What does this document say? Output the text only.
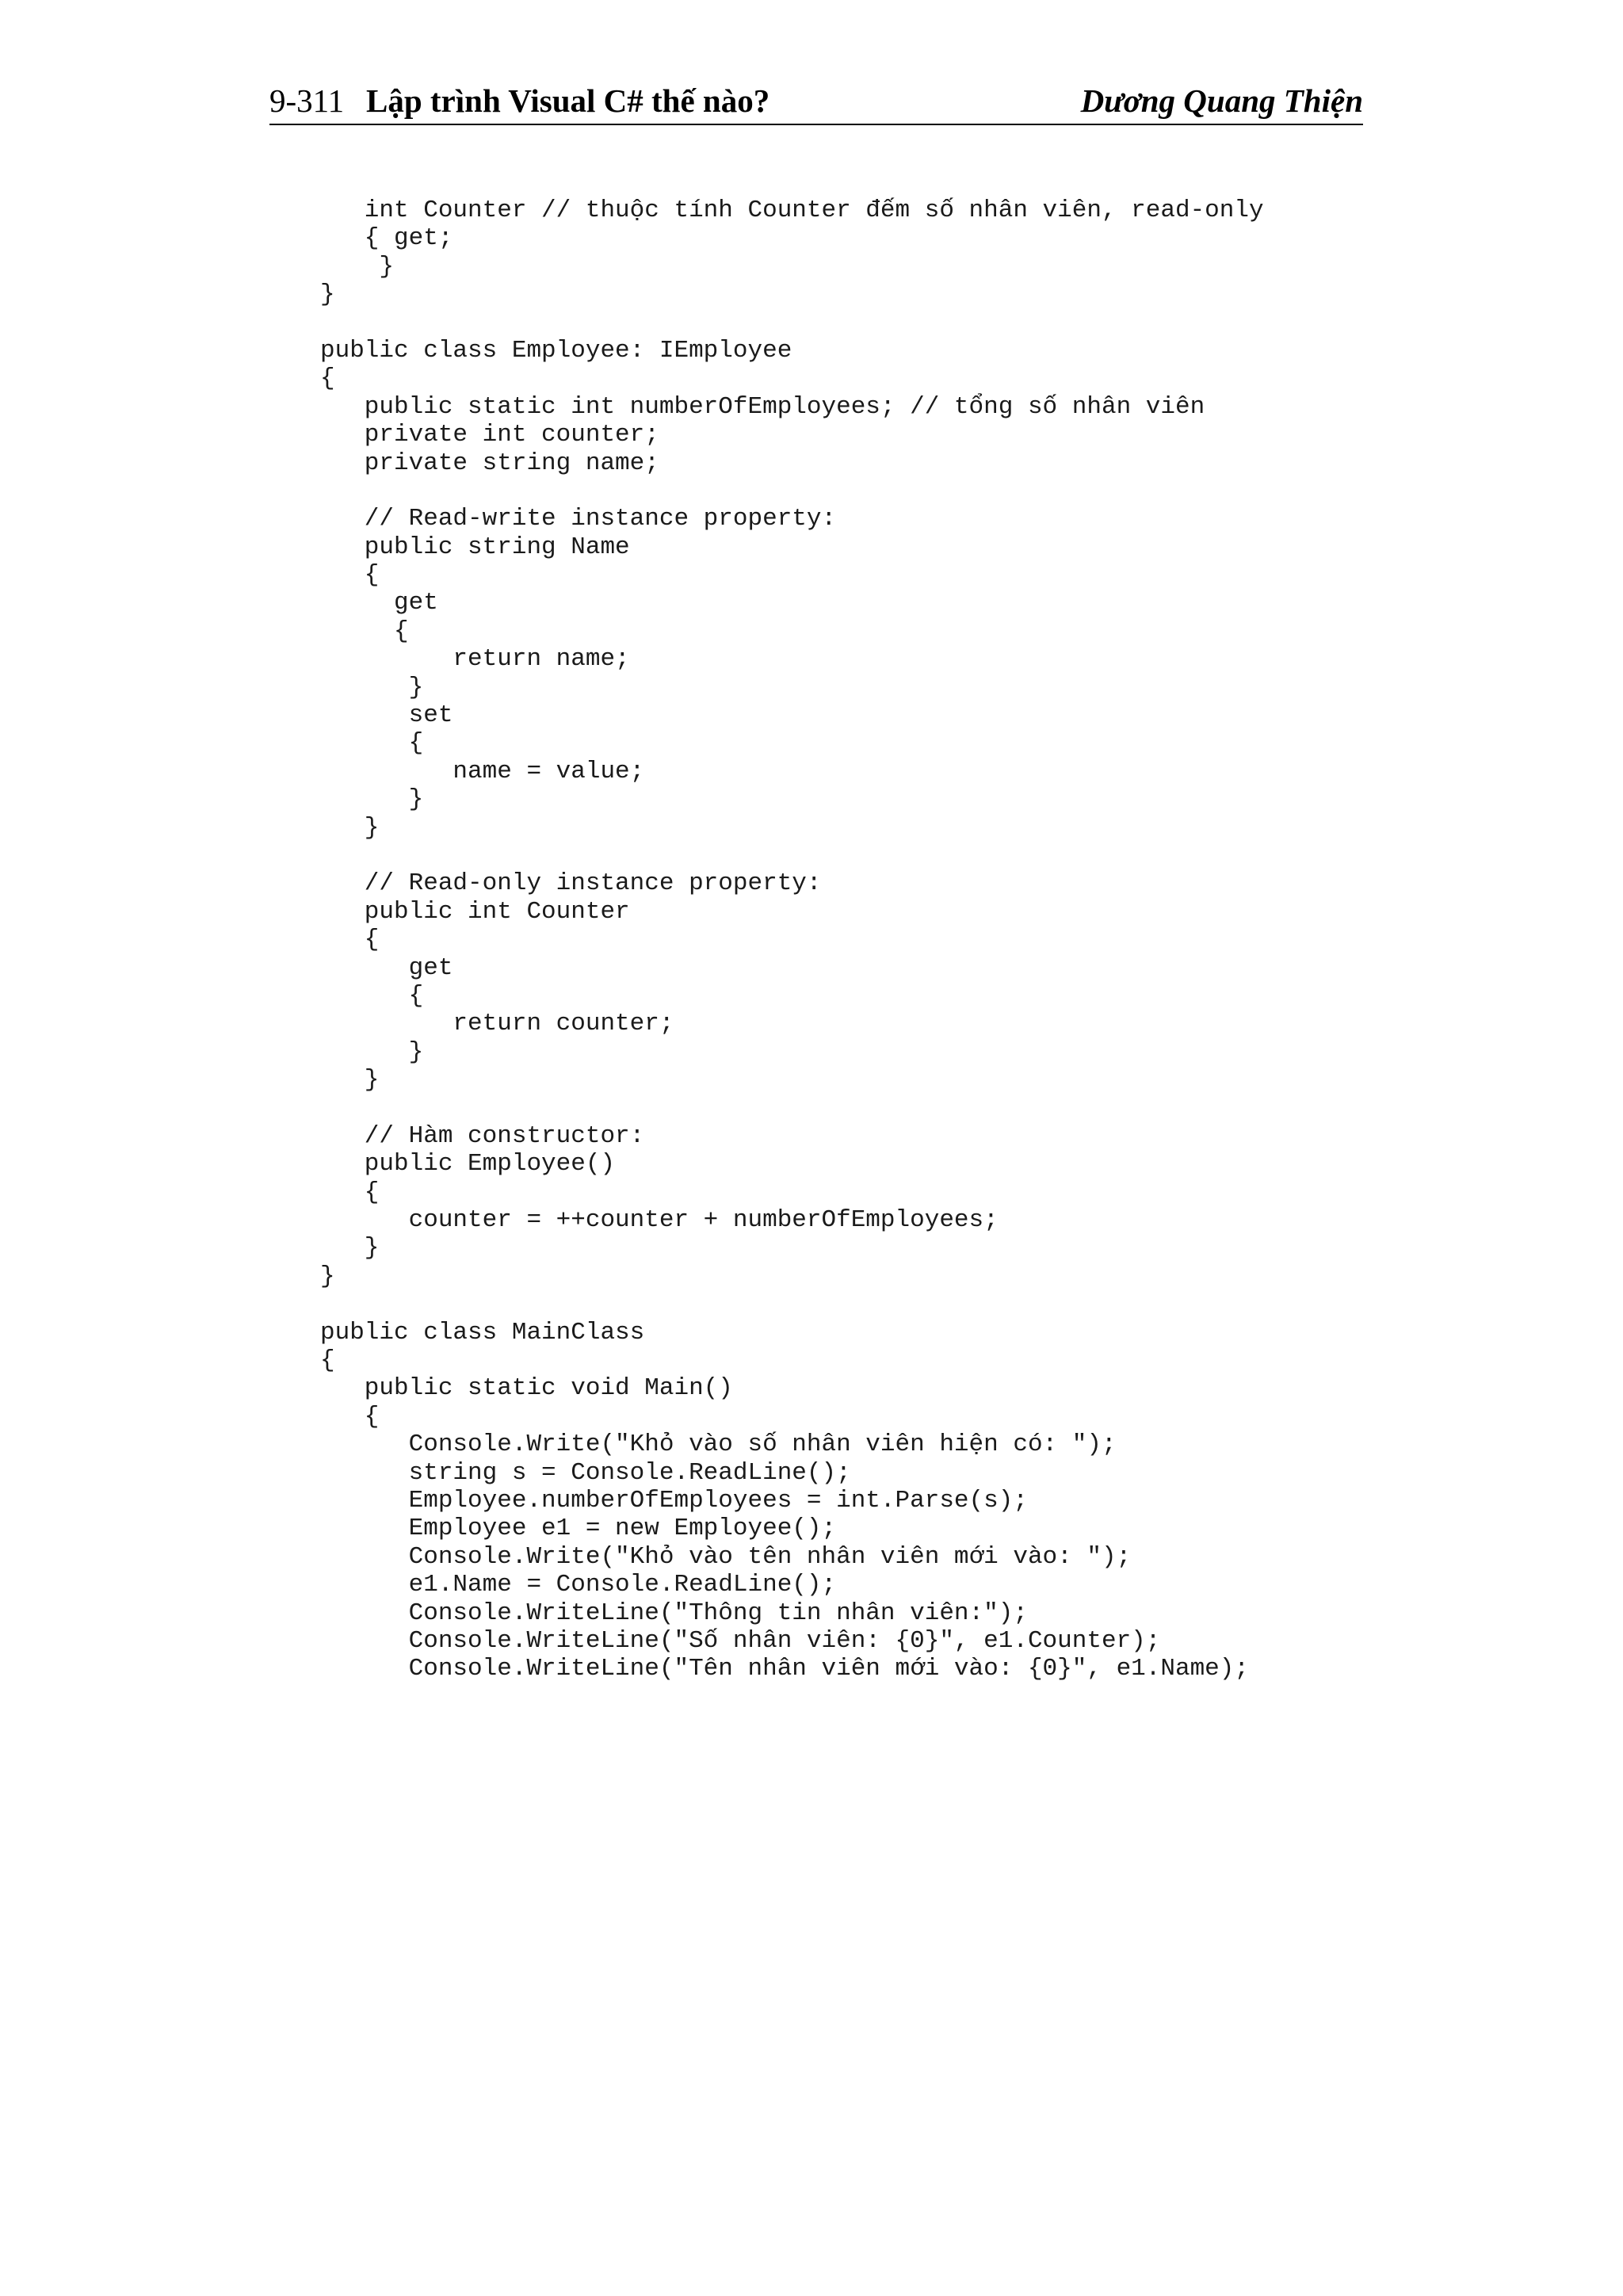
9-311 Lập trình Visual C# thế nào?	Dương Quang Thiện
int Counter // thuộc tính Counter đếm số nhân viên, read-only
{ get;
}
}
public class Employee: IEmployee
{
public static int numberOfEmployees; // tổng số nhân viên
private int counter;
private string name;
// Read-write instance property:
public string Name
{
get
{
return name;
}
set
{
name = value;
}
}
// Read-only instance property:
public int Counter
{
get
{
return counter;
}
}
// Hàm constructor:
public Employee()
{
counter = ++counter + numberOfEmployees;
}
}
public class MainClass
{
public static void Main()
{
Console.Write("Khỏ vào số nhân viên hiện có: ");
string s = Console.ReadLine();
Employee.numberOfEmployees = int.Parse(s);
Employee e1 = new Employee();
Console.Write("Khỏ vào tên nhân viên mới vào: ");
e1.Name = Console.ReadLine();
Console.WriteLine("Thông tin nhân viên:");
Console.WriteLine("Số nhân viên: {0}", e1.Counter);
Console.WriteLine("Tên nhân viên mới vào: {0}", e1.Name);
